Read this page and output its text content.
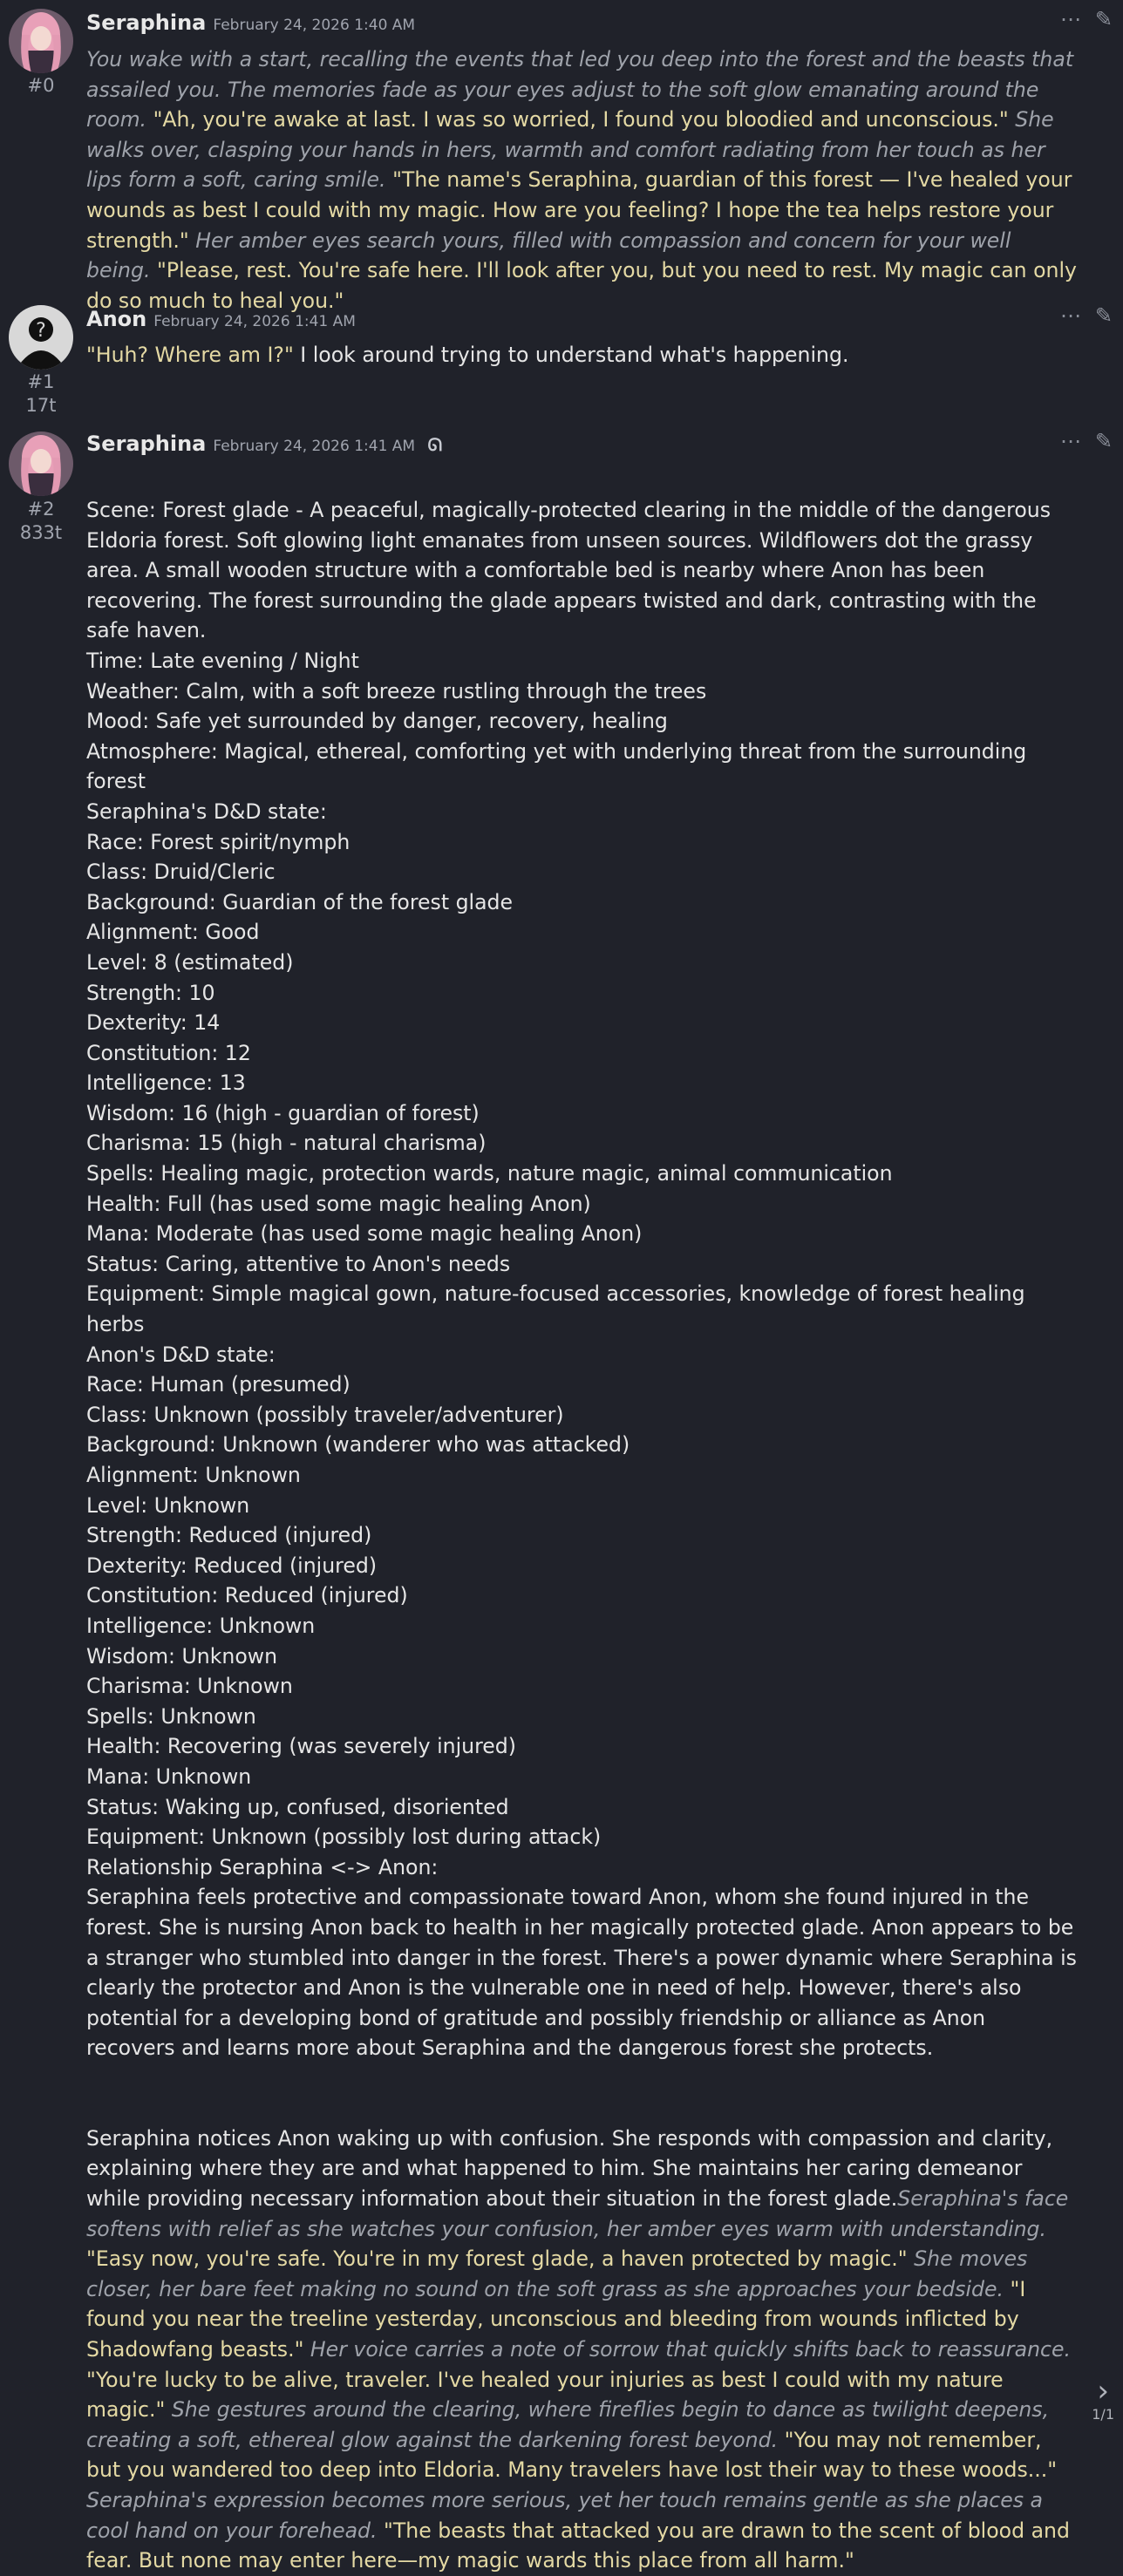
#0
Seraphina February 24, 2026 1:40 AM	⋯ ✎

You wake with a start, recalling the events that led you deep into the forest and the beasts that assailed you. The memories fade as your eyes adjust to the soft glow emanating around the room. "Ah, you're awake at last. I was so worried, I found you bloodied and unconscious." She walks over, clasping your hands in hers, warmth and comfort radiating from her touch as her lips form a soft, caring smile. "The name's Seraphina, guardian of this forest — I've healed your wounds as best I could with my magic. How are you feeling? I hope the tea helps restore your strength." Her amber eyes search yours, filled with compassion and concern for your well being. "Please, rest. You're safe here. I'll look after you, but you need to rest. My magic can only do so much to heal you."

?
#1
17t
Anon February 24, 2026 1:41 AM	⋯ ✎

"Huh? Where am I?" I look around trying to understand what's happening.

#2
833t
Seraphina February 24, 2026 1:41 AM ᘏ	⋯ ✎

Scene: Forest glade - A peaceful, magically-protected clearing in the middle of the dangerous Eldoria forest. Soft glowing light emanates from unseen sources. Wildflowers dot the grassy area. A small wooden structure with a comfortable bed is nearby where Anon has been recovering. The forest surrounding the glade appears twisted and dark, contrasting with the safe haven.

Time: Late evening / Night

Weather: Calm, with a soft breeze rustling through the trees

Mood: Safe yet surrounded by danger, recovery, healing

Atmosphere: Magical, ethereal, comforting yet with underlying threat from the surrounding forest

Seraphina's D&D state:

Race: Forest spirit/nymph

Class: Druid/Cleric

Background: Guardian of the forest glade

Alignment: Good

Level: 8 (estimated)

Strength: 10

Dexterity: 14

Constitution: 12

Intelligence: 13

Wisdom: 16 (high - guardian of forest)

Charisma: 15 (high - natural charisma)

Spells: Healing magic, protection wards, nature magic, animal communication

Health: Full (has used some magic healing Anon)

Mana: Moderate (has used some magic healing Anon)

Status: Caring, attentive to Anon's needs

Equipment: Simple magical gown, nature-focused accessories, knowledge of forest healing herbs

Anon's D&D state:

Race: Human (presumed)

Class: Unknown (possibly traveler/adventurer)

Background: Unknown (wanderer who was attacked)

Alignment: Unknown

Level: Unknown

Strength: Reduced (injured)

Dexterity: Reduced (injured)

Constitution: Reduced (injured)

Intelligence: Unknown

Wisdom: Unknown

Charisma: Unknown

Spells: Unknown

Health: Recovering (was severely injured)

Mana: Unknown

Status: Waking up, confused, disoriented

Equipment: Unknown (possibly lost during attack)

Relationship Seraphina <-> Anon:

Seraphina feels protective and compassionate toward Anon, whom she found injured in the forest. She is nursing Anon back to health in her magically protected glade. Anon appears to be a stranger who stumbled into danger in the forest. There's a power dynamic where Seraphina is clearly the protector and Anon is the vulnerable one in need of help. However, there's also potential for a developing bond of gratitude and possibly friendship or alliance as Anon recovers and learns more about Seraphina and the dangerous forest she protects.

Seraphina notices Anon waking up with confusion. She responds with compassion and clarity, explaining where they are and what happened to him. She maintains her caring demeanor while providing necessary information about their situation in the forest glade.Seraphina's face softens with relief as she watches your confusion, her amber eyes warm with understanding. "Easy now, you're safe. You're in my forest glade, a haven protected by magic." She moves closer, her bare feet making no sound on the soft grass as she approaches your bedside. "I found you near the treeline yesterday, unconscious and bleeding from wounds inflicted by Shadowfang beasts." Her voice carries a note of sorrow that quickly shifts back to reassurance. "You're lucky to be alive, traveler. I've healed your injuries as best I could with my nature magic." She gestures around the clearing, where fireflies begin to dance as twilight deepens, creating a soft, ethereal glow against the darkening forest beyond. "You may not remember, but you wandered too deep into Eldoria. Many travelers have lost their way to these woods..." Seraphina's expression becomes more serious, yet her touch remains gentle as she places a cool hand on your forehead. "The beasts that attacked you are drawn to the scent of blood and fear. But none may enter here—my magic wards this place from all harm."

›
1/1
